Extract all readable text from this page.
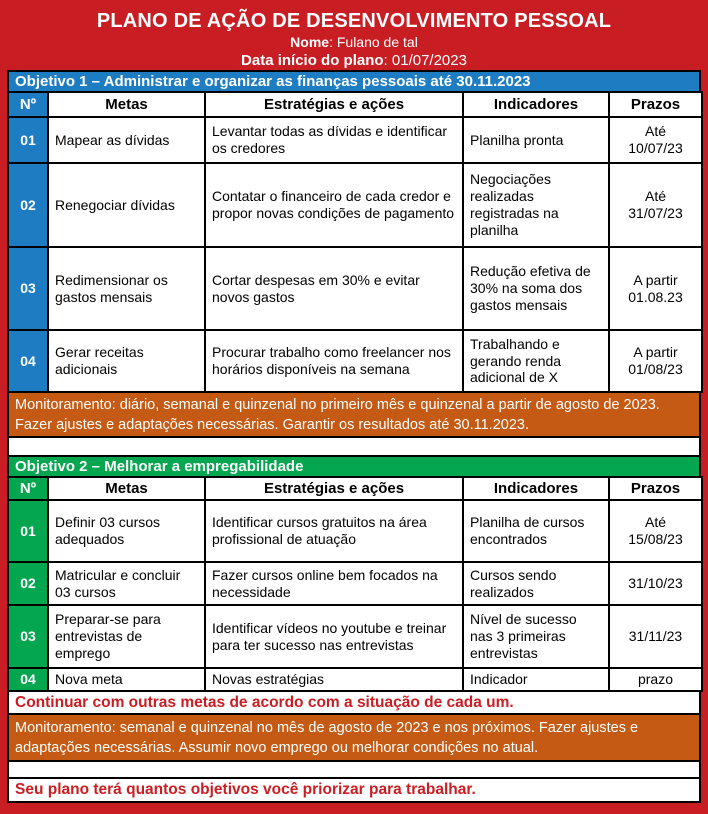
PLANO DE AÇÃO DE DESENVOLVIMENTO PESSOAL
Nome: Fulano de tal
Data início do plano: 01/07/2023
Objetivo 1 – Administrar e organizar as finanças pessoais até 30.11.2023
Nº	Metas	Estratégias e ações	Indicadores	Prazos
01	Mapear as dívidas	Levantar todas as dívidas e identificar os credores	Planilha pronta	Até 10/07/23
02	Renegociar dívidas	Contatar o financeiro de cada credor e propor novas condições de pagamento	Negociações realizadas registradas na planilha	Até 31/07/23
03	Redimensionar os gastos mensais	Cortar despesas em 30% e evitar novos gastos	Redução efetiva de 30% na soma dos gastos mensais	A partir 01.08.23
04	Gerar receitas adicionais	Procurar trabalho como freelancer nos horários disponíveis na semana	Trabalhando e gerando renda adicional de X	A partir 01/08/23
Monitoramento: diário, semanal e quinzenal no primeiro mês e quinzenal a partir de agosto de 2023. Fazer ajustes e adaptações necessárias. Garantir os resultados até 30.11.2023.
Objetivo 2 – Melhorar a empregabilidade
Nº	Metas	Estratégias e ações	Indicadores	Prazos
01	Definir 03 cursos adequados	Identificar cursos gratuitos na área profissional de atuação	Planilha de cursos encontrados	Até 15/08/23
02	Matricular e concluir 03 cursos	Fazer cursos online bem focados na necessidade	Cursos sendo realizados	31/10/23
03	Preparar-se para entrevistas de emprego	Identificar vídeos no youtube e treinar para ter sucesso nas entrevistas	Nível de sucesso nas 3 primeiras entrevistas	31/11/23
04	Nova meta	Novas estratégias	Indicador	prazo
Continuar com outras metas de acordo com a situação de cada um.
Monitoramento: semanal e quinzenal no mês de agosto de 2023 e nos próximos. Fazer ajustes e adaptações necessárias. Assumir novo emprego ou melhorar condições no atual.
Seu plano terá quantos objetivos você priorizar para trabalhar.
